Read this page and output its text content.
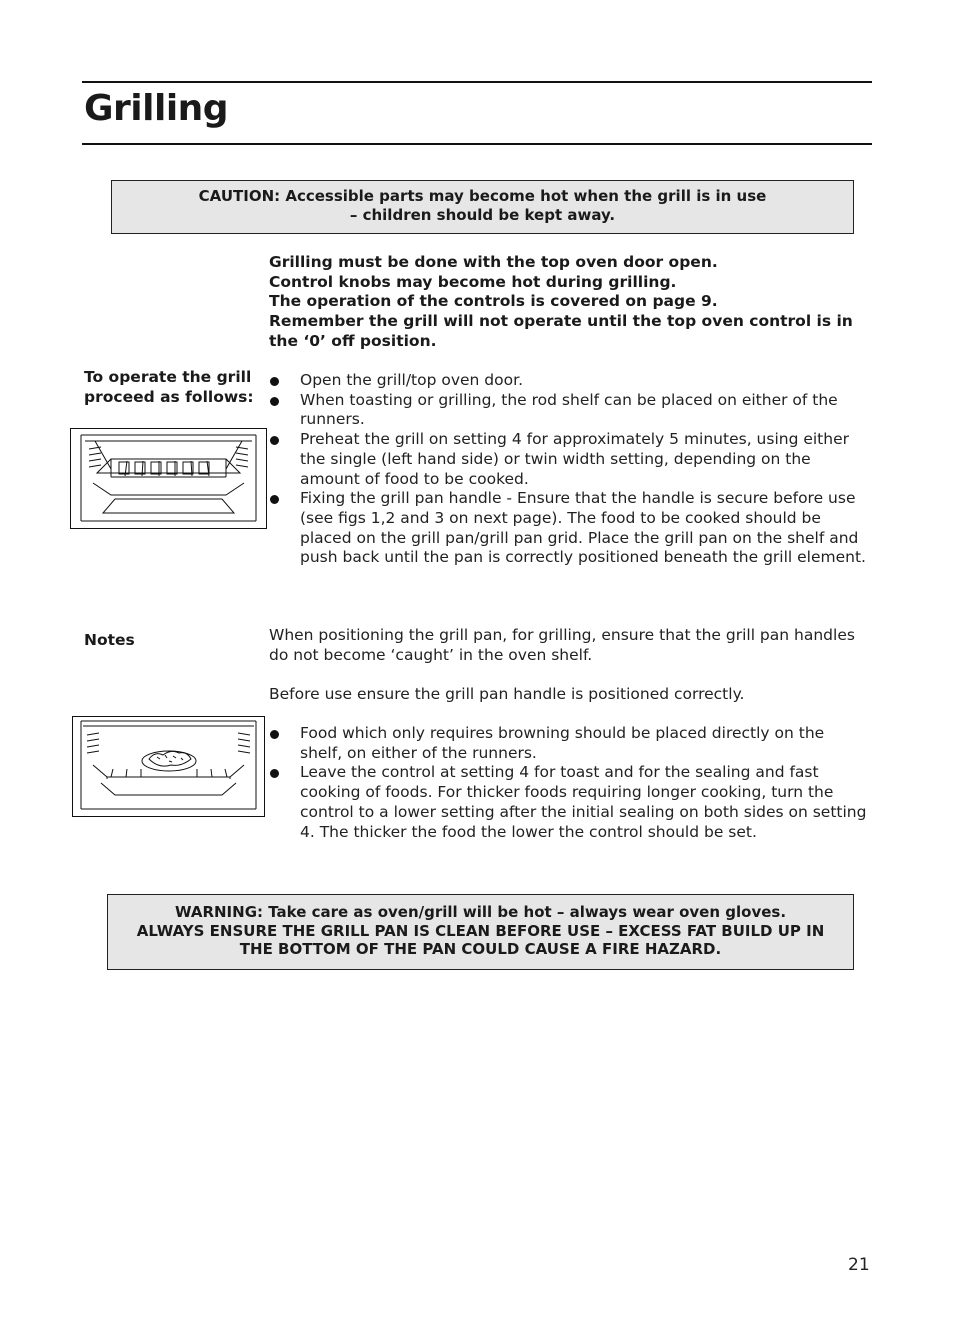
Grilling
CAUTION: Accessible parts may become hot when the grill is in use
– children should be kept away.
Grilling must be done with the top oven door open.
Control knobs may become hot during grilling.
The operation of the controls is covered on page 9.
Remember the grill will not operate until the top oven control is in the ‘0’ off position.
To operate the grill
proceed as follows:
Open the grill/top oven door.
When toasting or grilling, the rod shelf can be placed on either of the runners.
Preheat the grill on setting 4 for approximately 5 minutes, using either the single (left hand side) or twin width setting, depending on the amount of food to be cooked.
Fixing the grill pan handle - Ensure that the handle is secure before use (see figs 1,2 and 3 on next page). The food to be cooked should be placed on the grill pan/grill pan grid. Place the grill pan on the shelf and push back until the pan is correctly positioned beneath the grill element.
Notes	When positioning the grill pan, for grilling, ensure that the grill pan handles do not become ‘caught’ in the oven shelf.
Before use ensure the grill pan handle is positioned correctly.
Food which only requires browning should be placed directly on the shelf, on either of the runners.
Leave the control at setting 4 for toast and for the sealing and fast cooking of foods. For thicker foods requiring longer cooking, turn the control to a lower setting after the initial sealing on both sides on setting 4. The thicker the food the lower the control should be set.
WARNING: Take care as oven/grill will be hot – always wear oven gloves.
ALWAYS ENSURE THE GRILL PAN IS CLEAN BEFORE USE – EXCESS FAT BUILD UP IN
THE BOTTOM OF THE PAN COULD CAUSE A FIRE HAZARD.
21
